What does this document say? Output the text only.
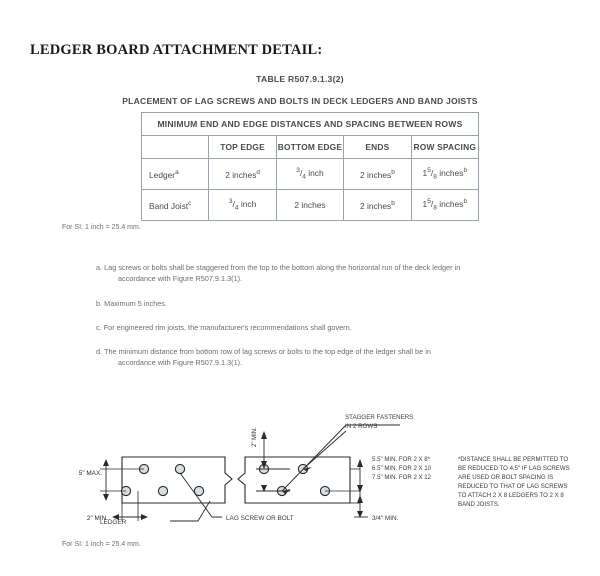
LEDGER BOARD ATTACHMENT DETAIL:
TABLE R507.9.1.3(2)
PLACEMENT OF LAG SCREWS AND BOLTS IN DECK LEDGERS AND BAND JOISTS
MINIMUM END AND EDGE DISTANCES AND SPACING BETWEEN ROWS				
	TOP EDGE	BOTTOM EDGE	ENDS	ROW SPACING
Ledger$^a$	2 inches$^d$	$^3/_4$ inch	2 inches$^b$	$1^5/_8$ inches$^b$
Band Joist$^c$	$^3/_4$ inch	2 inches	2 inches$^b$	$1^5/_8$ inches$^b$
For SI: 1 inch = 25.4 mm.
a. Lag screws or bolts shall be staggered from the top to the bottom along the horizontal run of the deck ledger in
accordance with Figure R507.9.1.3(1).
b. Maximum 5 inches.
c. For engineered rim joists, the manufacturer's recommendations shall govern.
d. The minimum distance from bottom row of lag screws or bolts to the top edge of the ledger shall be in
accordance with Figure R507.9.1.3(1).
5" MAX.
2" MIN.
2" MIN.
STAGGER FASTENERS
IN 2 ROWS
LEDGER
LAG SCREW OR BOLT
5.5" MIN. FOR 2 X 8*
6.5" MIN. FOR 2 X 10
7.5" MIN. FOR 2 X 12
3/4" MIN.
*DISTANCE SHALL BE PERMITTED TO
BE REDUCED TO 4.5" IF LAG SCREWS
ARE USED OR BOLT SPACING IS
REDUCED TO THAT OF LAG SCREWS
TO ATTACH 2 X 8 LEDGERS TO 2 X 8
BAND JOISTS.
For SI: 1 inch = 25.4 mm.
